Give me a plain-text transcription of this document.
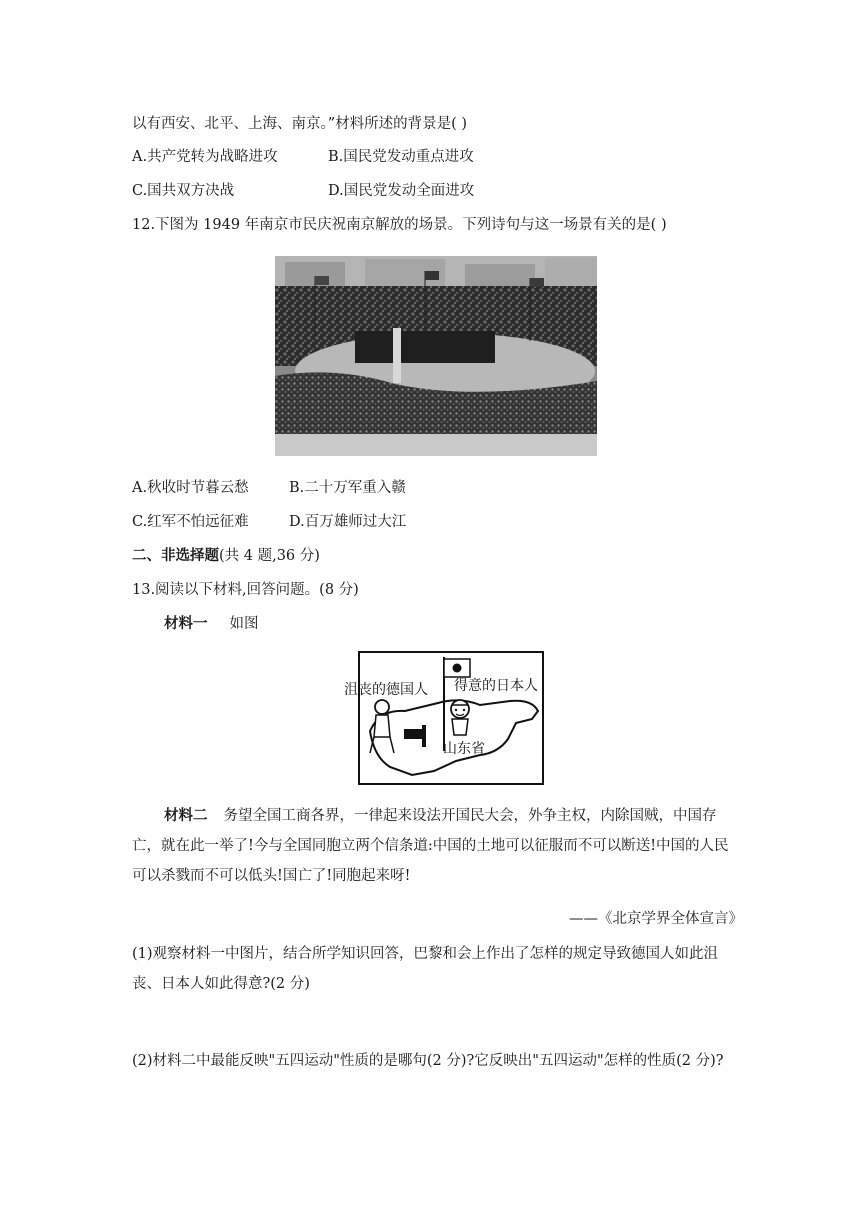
以有西安、北平、上海、南京。”材料所述的背景是( )
A.共产党转为战略进攻	B.国民党发动重点进攻
C.国共双方决战	D.国民党发动全面进攻
12.下图为 1949 年南京市民庆祝南京解放的场景。下列诗句与这一场景有关的是( )
A.秋收时节暮云愁	B.二十万军重入赣
C.红军不怕远征难	D.百万雄师过大江
二、非选择题(共 4 题,36 分)
13.阅读以下材料,回答问题。(8 分)
材料一 如图
沮丧的德国人 得意的日本人
山东省
材料二 务望全国工商各界，一律起来设法开国民大会，外争主权，内除国贼，中国存亡，就在此一举了!今与全国同胞立两个信条道:中国的土地可以征服而不可以断送!中国的人民可以杀戮而不可以低头!国亡了!同胞起来呀!
——《北京学界全体宣言》
(1)观察材料一中图片，结合所学知识回答，巴黎和会上作出了怎样的规定导致德国人如此沮丧、日本人如此得意?(2 分)
(2)材料二中最能反映"五四运动"性质的是哪句(2 分)?它反映出"五四运动"怎样的性质(2 分)?
